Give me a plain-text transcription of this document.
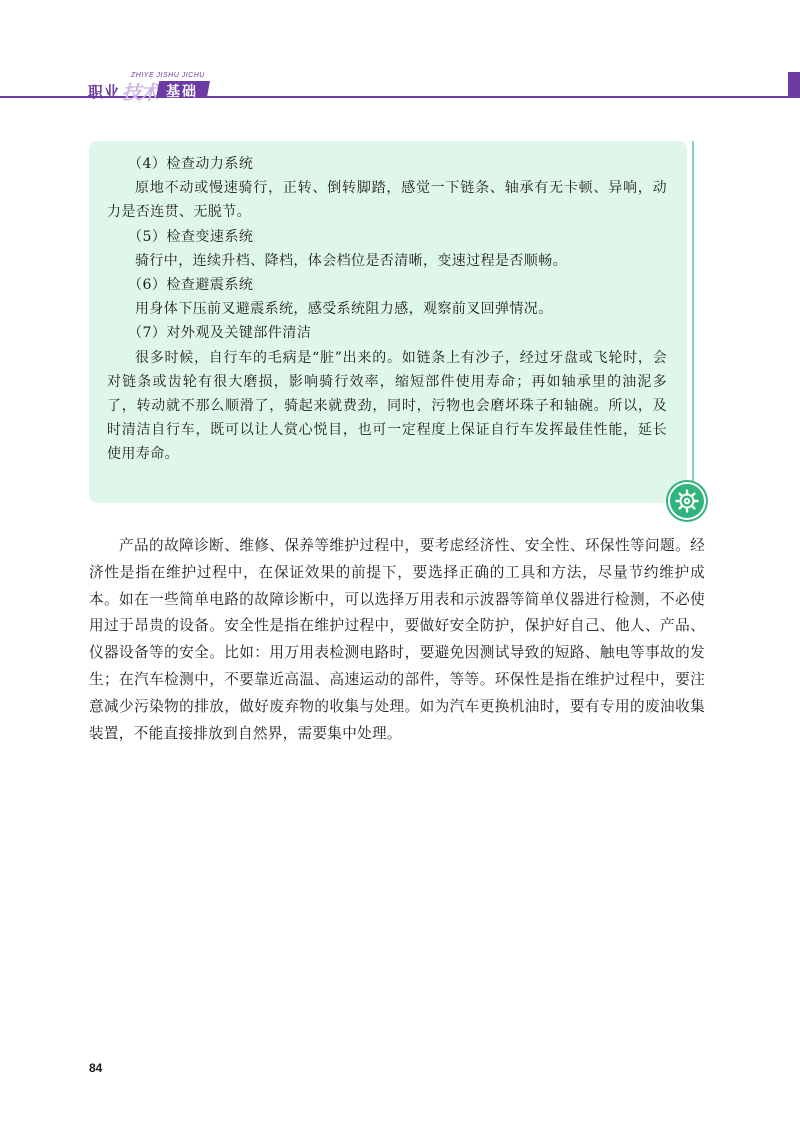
ZHIYE JISHU JICHU
职业 技术 基础

（4）检查动力系统

原地不动或慢速骑行，正转、倒转脚踏，感觉一下链条、轴承有无卡顿、异响，动力是否连贯、无脱节。

（5）检查变速系统

骑行中，连续升档、降档，体会档位是否清晰，变速过程是否顺畅。

（6）检查避震系统

用身体下压前叉避震系统，感受系统阻力感，观察前叉回弹情况。

（7）对外观及关键部件清洁

很多时候，自行车的毛病是“脏”出来的。如链条上有沙子，经过牙盘或飞轮时，会对链条或齿轮有很大磨损，影响骑行效率，缩短部件使用寿命；再如轴承里的油泥多了，转动就不那么顺滑了，骑起来就费劲，同时，污物也会磨坏珠子和轴碗。所以，及时清洁自行车，既可以让人赏心悦目，也可一定程度上保证自行车发挥最佳性能，延长使用寿命。

产品的故障诊断、维修、保养等维护过程中，要考虑经济性、安全性、环保性等问题。经济性是指在维护过程中，在保证效果的前提下，要选择正确的工具和方法，尽量节约维护成本。如在一些简单电路的故障诊断中，可以选择万用表和示波器等简单仪器进行检测，不必使用过于昂贵的设备。安全性是指在维护过程中，要做好安全防护，保护好自己、他人、产品、仪器设备等的安全。比如：用万用表检测电路时，要避免因测试导致的短路、触电等事故的发生；在汽车检测中，不要靠近高温、高速运动的部件，等等。环保性是指在维护过程中，要注意减少污染物的排放，做好废弃物的收集与处理。如为汽车更换机油时，要有专用的废油收集装置，不能直接排放到自然界，需要集中处理。

84
